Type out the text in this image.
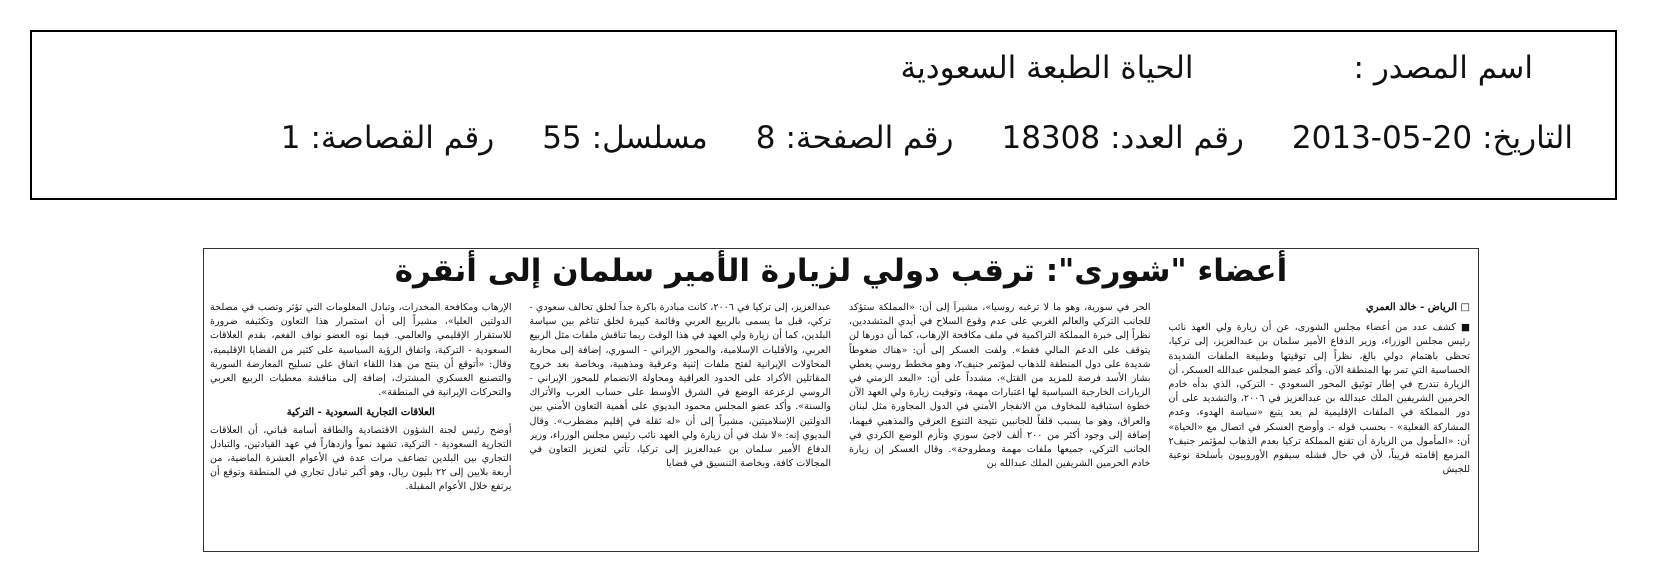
اسم المصدر :
الحياة الطبعة السعودية
التاريخ:
2013-05-20
رقم العدد:
18308
رقم الصفحة:
8
مسلسل:
55
رقم القصاصة:
1
أعضاء "شورى": ترقب دولي لزيارة الأمير سلمان إلى أنقرة
□ الرياض - خالد العمري

■ كشف عدد من أعضاء مجلس الشورى، عن أن زيارة ولي العهد نائب رئيس مجلس الوزراء، وزير الدفاع الأمير سلمان بن عبدالعزيز، إلى تركيا، تحظى باهتمام دولي بالغ، نظراً إلى توقيتها وطبيعة الملفات الشديدة الحساسية التي تمر بها المنطقة الآن. وأكد عضو المجلس عبدالله العسكر، أن الزيارة تندرج في إطار توثيق المحور السعودي - التركي، الذي بدأه خادم الحرمين الشريفين الملك عبدالله بن عبدالعزيز في ٢٠٠٦، والتشديد على أن دور المملكة في الملفات الإقليمية لم يعد يتبع «سياسة الهدوء، وعدم المشاركة الفعلية» - بحسب قوله -. وأوضح العسكر في اتصال مع «الحياة» أن: «المأمول من الزيارة أن تقنع المملكة تركيا بعدم الذهاب لمؤتمر جنيف٢ المزمع إقامته قريباً، لأن في حال فشله سيقوم الأوروبيون بأسلحة نوعية للجيش

الحر في سورية، وهو ما لا ترغبه روسيا»، مشيراً إلى أن: «المملكة ستؤكد للجانب التركي والعالم الغربي على عدم وقوع السلاح في أيدي المتشددين، نظراً إلى خبرة المملكة التراكمية في ملف مكافحة الإرهاب، كما أن دورها لن يتوقف على الدعم المالي فقط». ولفت العسكر إلى أن: «هناك ضغوطاً شديدة على دول المنطقة للذهاب لمؤتمر جنيف٢، وهو مخطط روسي يعطي بشار الأسد فرصة للمزيد من القتل»، مشدداً على أن: «البعد الزمني في الزيارات الخارجية السياسية لها اعتبارات مهمة، وتوقيت زيارة ولي العهد الآن خطوة استباقية للمخاوف من الانفجار الأمني في الدول المجاورة مثل لبنان والعراق، وهو ما يسبب قلقاً للجانبين نتيجة التنوع العرقي والمذهبي فيهما، إضافة إلى وجود أكثر من ٢٠٠ ألف لاجئ سوري وتأزم الوضع الكردي في الجانب التركي، جميعها ملفات مهمة ومطروحة». وقال العسكر إن زيارة خادم الحرمين الشريفين الملك عبدالله بن

عبدالعزيز، إلى تركيا في ٢٠٠٦، كانت مبادرة باكرة جداً لخلق تحالف سعودي - تركي، قبل ما يسمى بالربيع العربي وقائمة كبيرة لخلق تناغم بين سياسة البلدين، كما أن زيارة ولي العهد في هذا الوقت ربما تناقش ملفات مثل الربيع العربي، والأقليات الإسلامية، والمحور الإيراني - السوري، إضافة إلى محاربة المحاولات الإيرانية لفتح ملفات إثنية وعرقية ومذهبية، وبخاصة بعد خروج المقاتلين الأكراد على الحدود العراقية ومحاولة الانضمام للمحور الإيراني - الروسي لزعزعة الوضع في الشرق الأوسط على حساب العرب والأتراك والسنة». وأكد عضو المجلس محمود البديوي على أهمية التعاون الأمني بين الدولتين الإسلاميتين، مشيراً إلى أن «له ثقله في إقليم مضطرب». وقال البديوي إنه: «لا شك في أن زيارة ولي العهد نائب رئيس مجلس الوزراء، وزير الدفاع الأمير سلمان بن عبدالعزيز إلى تركيا، تأتي لتعزيز التعاون في المجالات كافة، وبخاصة التنسيق في قضايا

الإرهاب ومكافحة المخدرات، وتبادل المعلومات التي تؤثر وتصب في مصلحة الدولتين العليا»، مشيراً إلى أن استمرار هذا التعاون وتكثيفه ضرورة للاستقرار الإقليمي والعالمي. فيما نوه العضو نواف الفغم، بقدم العلاقات السعودية - التركية، واتفاق الرؤية السياسية على كثير من القضايا الإقليمية، وقال: «أتوقع أن ينتج من هذا اللقاء اتفاق على تسليح المعارضة السورية والتصنيع العسكري المشترك، إضافة إلى مناقشة معطيات الربيع العربي والتحركات الإيرانية في المنطقة».

العلاقات التجارية السعودية - التركية

أوضح رئيس لجنة الشؤون الاقتصادية والطاقة أسامة قباني، أن العلاقات التجارية السعودية - التركية، تشهد نمواً وازدهاراً في عهد القيادتين، والتبادل التجاري بين البلدين تضاعف مرات عدة في الأعوام العشرة الماضية، من أربعة بلايين إلى ٢٢ بليون ريال، وهو أكبر تبادل تجاري في المنطقة وتوقع أن يرتفع خلال الأعوام المقبلة.
